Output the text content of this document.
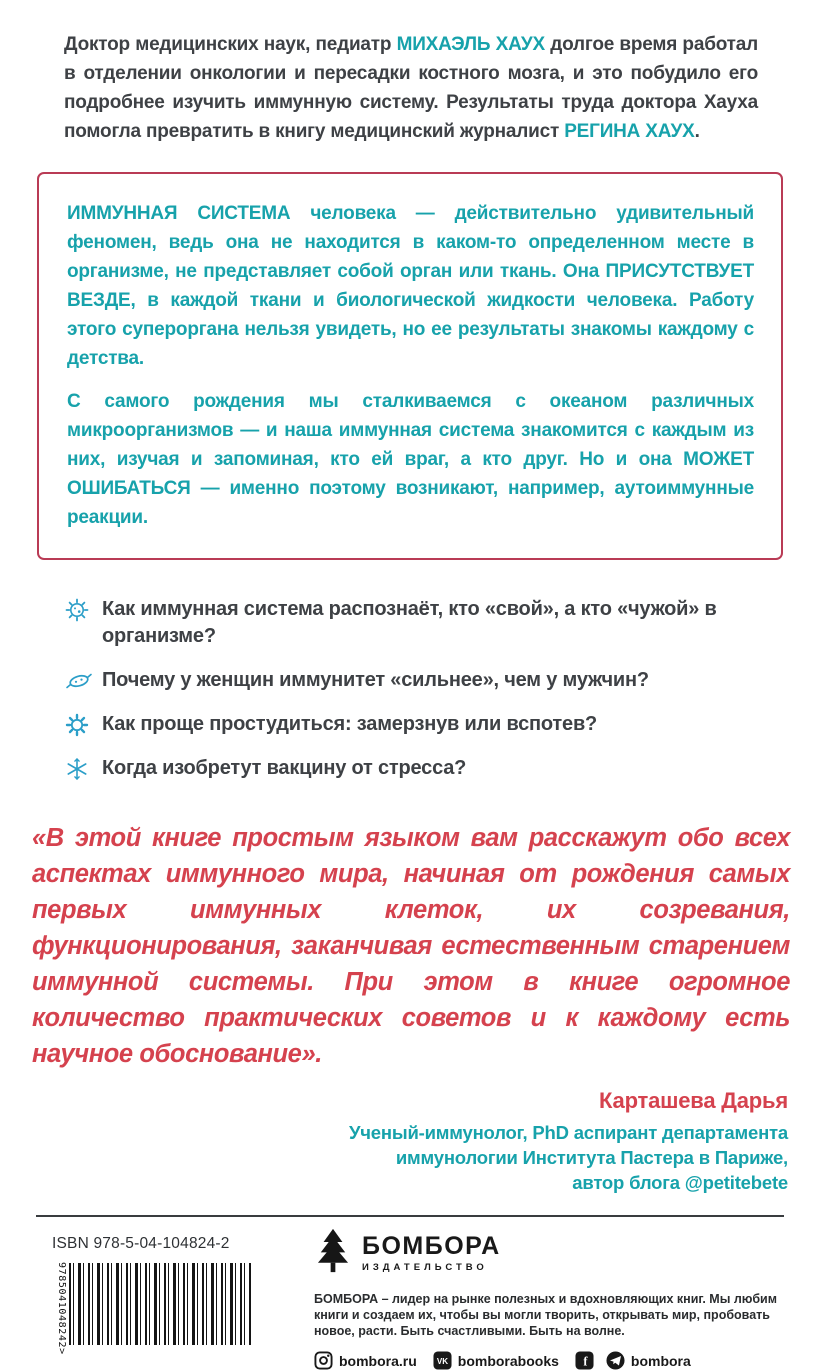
Доктор медицинских наук, педиатр МИХАЭЛЬ ХАУХ долгое время работал в отделении онкологии и пересадки костного мозга, и это побудило его подробнее изучить иммунную систему. Результаты труда доктора Хауха помогла превратить в книгу медицинский журналист РЕГИНА ХАУХ.

ИММУННАЯ СИСТЕМА человека — действительно удивительный феномен, ведь она не находится в каком-то определенном месте в организме, не представляет собой орган или ткань. Она ПРИСУТСТВУЕТ ВЕЗДЕ, в каждой ткани и биологической жидкости человека. Работу этого супероргана нельзя увидеть, но ее результаты знакомы каждому с детства.

С самого рождения мы сталкиваемся с океаном различных микроорганизмов — и наша иммунная система знакомится с каждым из них, изучая и запоминая, кто ей враг, а кто друг. Но и она МОЖЕТ ОШИБАТЬСЯ — именно поэтому возникают, например, аутоиммунные реакции.

Как иммунная система распознаёт, кто «свой», а кто «чужой» в организме?
Почему у женщин иммунитет «сильнее», чем у мужчин?
Как проще простудиться: замерзнув или вспотев?
Когда изобретут вакцину от стресса?

«В этой книге простым языком вам расскажут обо всех аспектах иммунного мира, начиная от рождения самых первых иммунных клеток, их созревания, функционирования, заканчивая естественным старением иммунной системы. При этом в книге огромное количество практических советов и к каждому есть научное обоснование».

Карташева Дарья
Ученый-иммунолог, PhD аспирант департамента
иммунологии Института Пастера в Париже,
автор блога @petitebete
ISBN 978-5-04-104824-2
9785041048242>
БОМБОРА
ИЗДАТЕЛЬСТВО

БОМБОРА – лидер на рынке полезных и вдохновляющих книг. Мы любим книги и создаем их, чтобы вы могли творить, открывать мир, пробовать новое, расти. Быть счастливыми. Быть на волне.

bombora.ru VK bomborabooks f	bombora
